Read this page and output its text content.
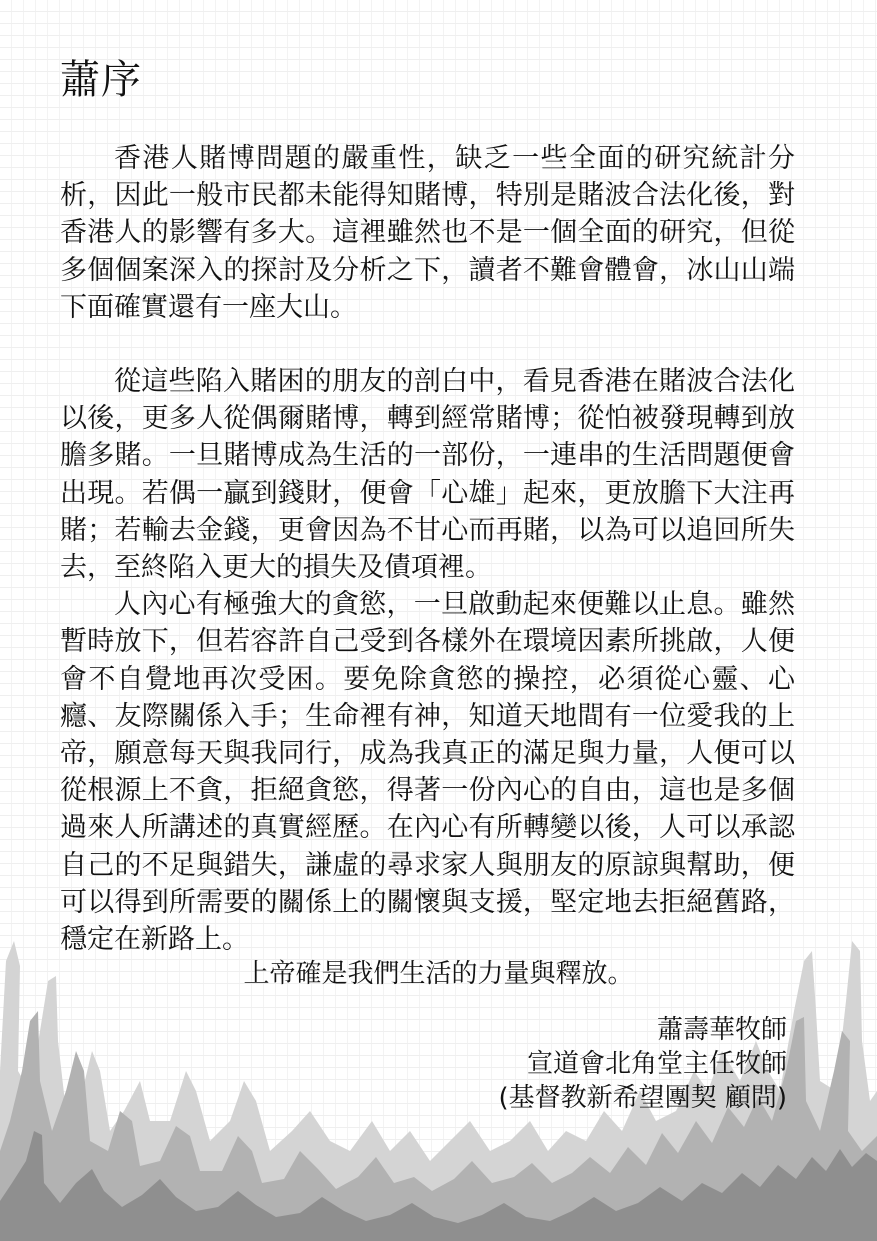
蕭序

香港人賭博問題的嚴重性，缺乏一些全面的研究統計分析，因此一般市民都未能得知賭博，特別是賭波合法化後，對香港人的影響有多大。這裡雖然也不是一個全面的研究，但從多個個案深入的探討及分析之下，讀者不難會體會，冰山山端下面確實還有一座大山。

從這些陷入賭困的朋友的剖白中，看見香港在賭波合法化以後，更多人從偶爾賭博，轉到經常賭博；從怕被發現轉到放膽多賭。一旦賭博成為生活的一部份，一連串的生活問題便會出現。若偶一贏到錢財，便會「心雄」起來，更放膽下大注再賭；若輸去金錢，更會因為不甘心而再賭，以為可以追回所失去，至終陷入更大的損失及債項裡。

人內心有極強大的貪慾，一旦啟動起來便難以止息。雖然暫時放下，但若容許自己受到各樣外在環境因素所挑啟，人便會不自覺地再次受困。要免除貪慾的操控，必須從心靈、心癮、友際關係入手；生命裡有神，知道天地間有一位愛我的上帝，願意每天與我同行，成為我真正的滿足與力量，人便可以從根源上不貪，拒絕貪慾，得著一份內心的自由，這也是多個過來人所講述的真實經歷。在內心有所轉變以後，人可以承認自己的不足與錯失，謙虛的尋求家人與朋友的原諒與幫助，便可以得到所需要的關係上的關懷與支援，堅定地去拒絕舊路，穩定在新路上。

上帝確是我們生活的力量與釋放。

蕭壽華牧師
宣道會北角堂主任牧師
(基督教新希望團契 顧問)
